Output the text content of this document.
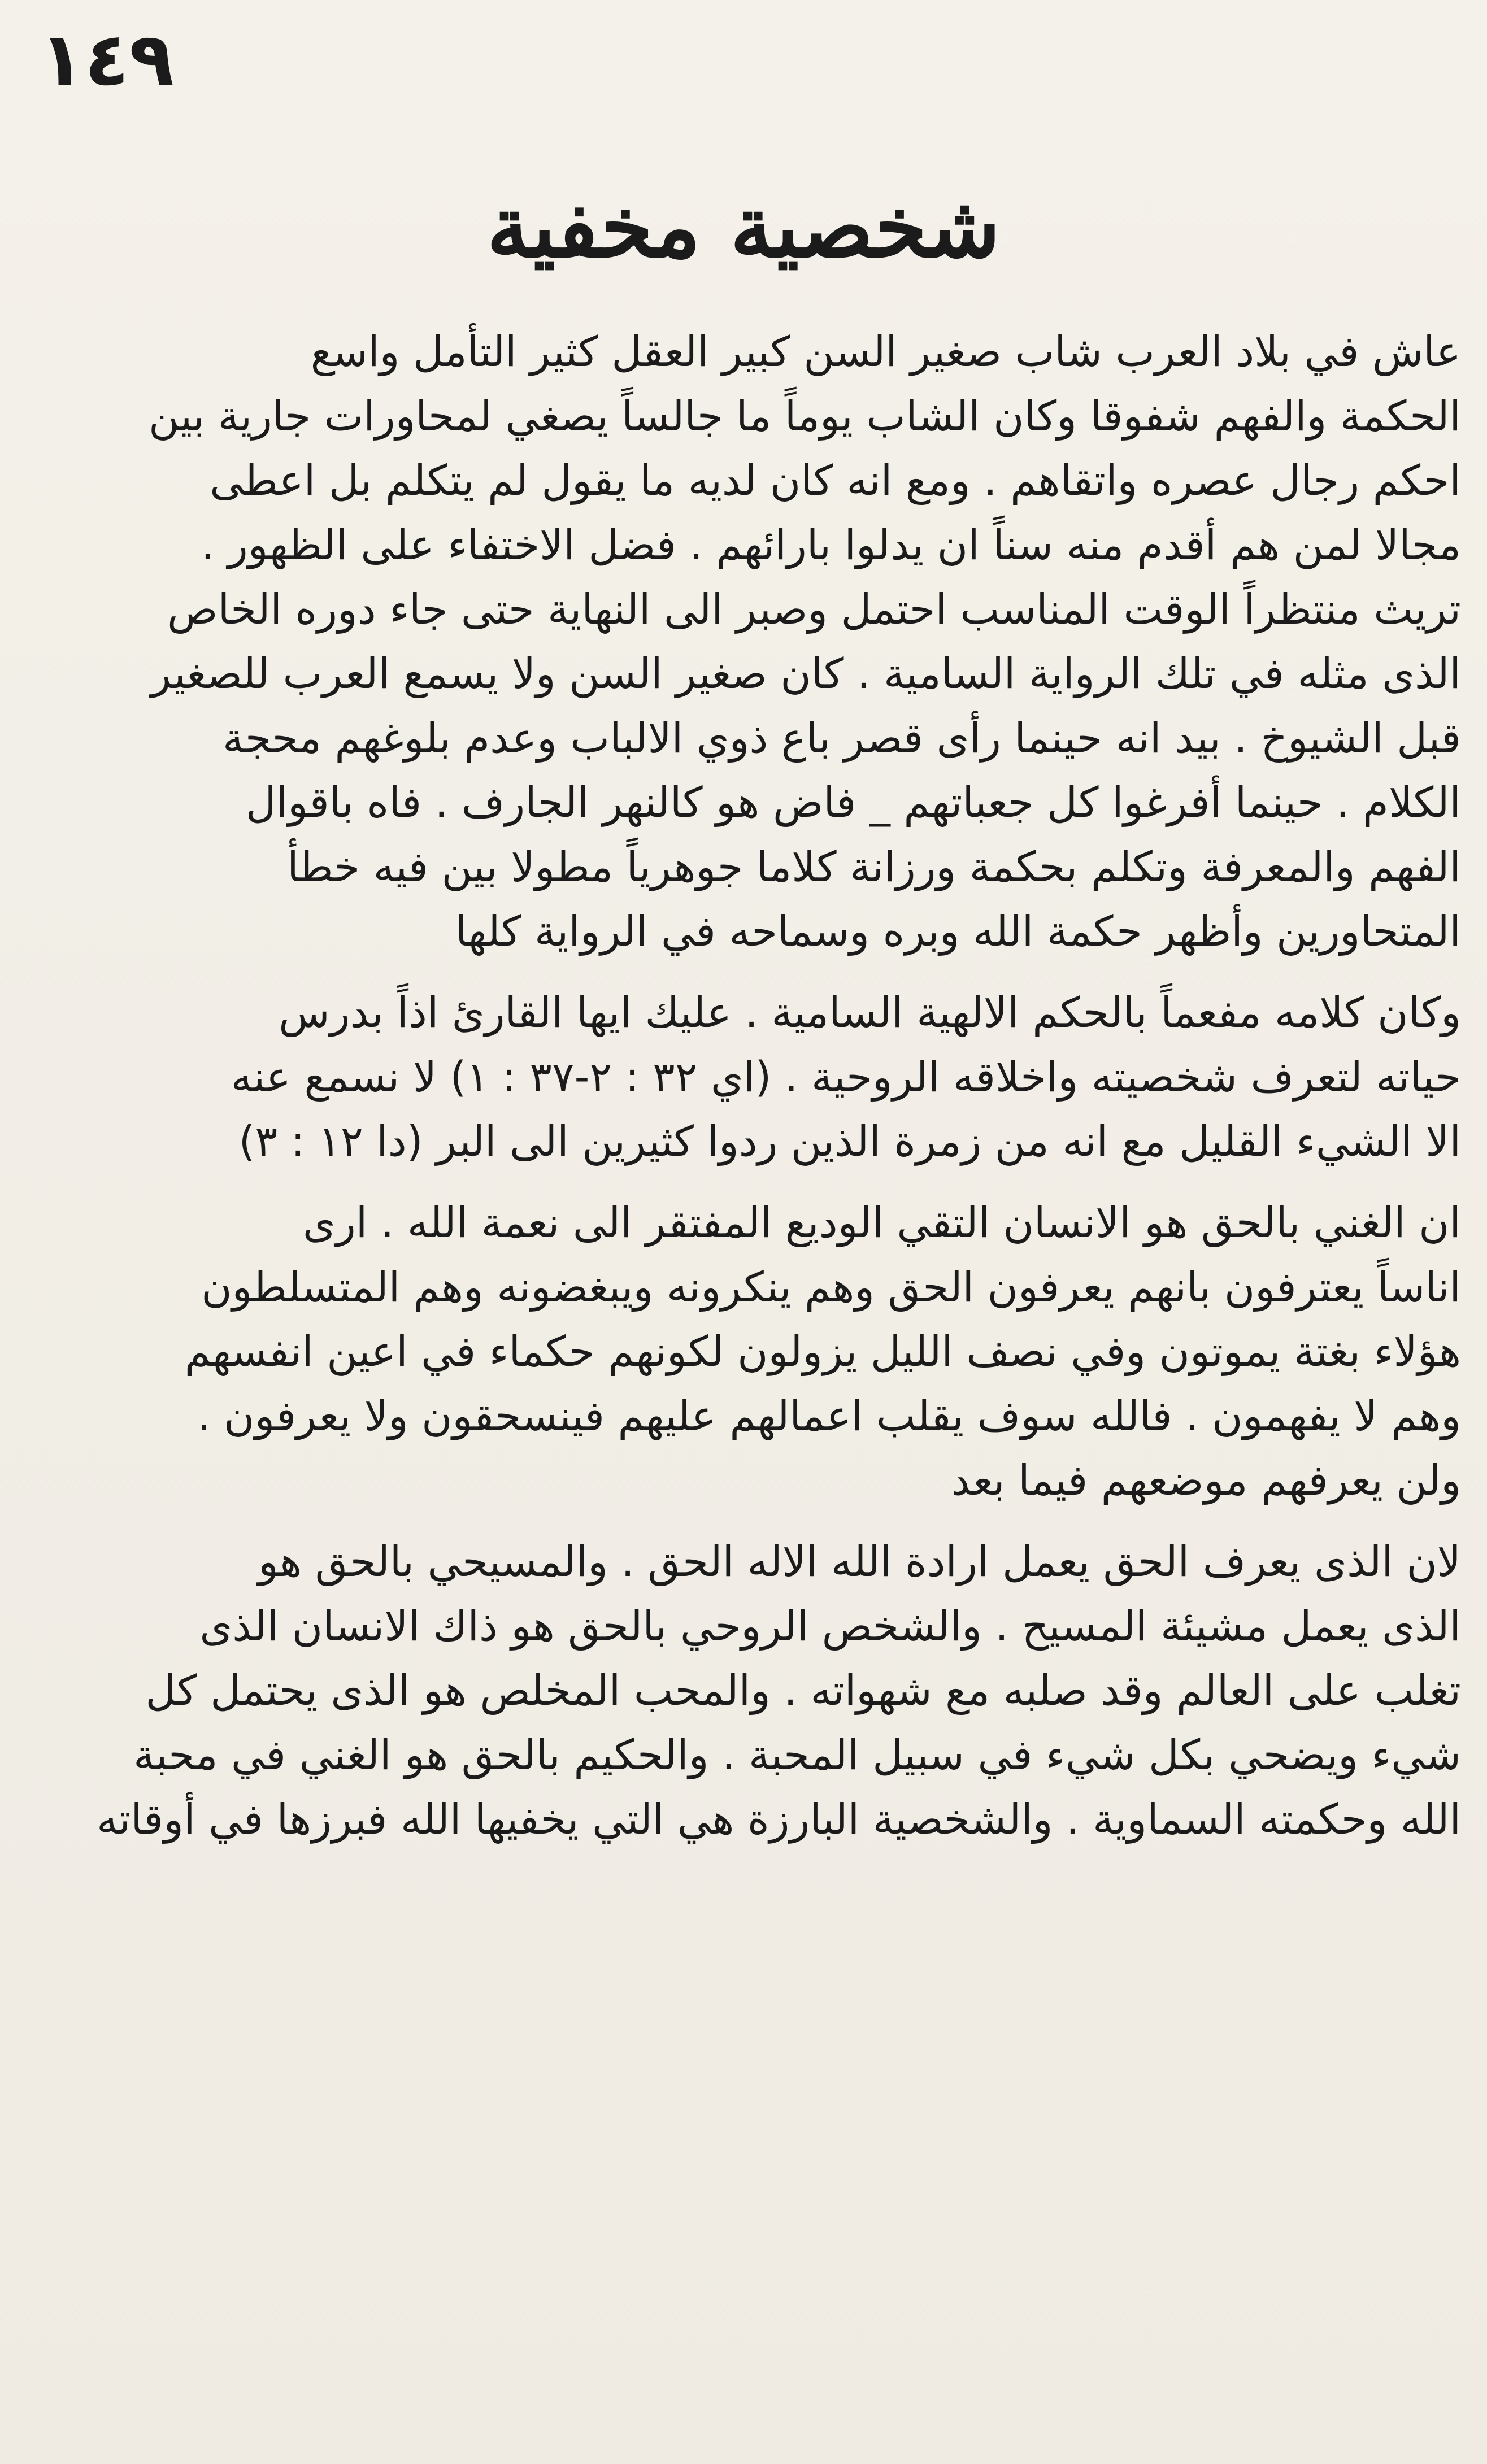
١٤٩
شخصية مخفية
عاش في بلاد العرب شاب صغير السن كبير العقل كثير التأمل واسع
الحكمة والفهم شفوقا وكان الشاب يوماً ما جالساً يصغي لمحاورات جارية بين
احكم رجال عصره واتقاهم . ومع انه كان لديه ما يقول لم يتكلم بل اعطى
مجالا لمن هم أقدم منه سناً ان يدلوا بارائهم . فضل الاختفاء على الظهور .
تريث منتظراً الوقت المناسب احتمل وصبر الى النهاية حتى جاء دوره الخاص
الذى مثله في تلك الرواية السامية . كان صغير السن ولا يسمع العرب للصغير
قبل الشيوخ . بيد انه حينما رأى قصر باع ذوي الالباب وعدم بلوغهم محجة
الكلام . حينما أفرغوا كل جعباتهم _ فاض هو كالنهر الجارف . فاه باقوال
الفهم والمعرفة وتكلم بحكمة ورزانة كلاما جوهرياً مطولا بين فيه خطأ
المتحاورين وأظهر حكمة الله وبره وسماحه في الرواية كلها
وكان كلامه مفعماً بالحكم الالهية السامية . عليك ايها القارئ اذاً بدرس
حياته لتعرف شخصيته واخلاقه الروحية . (اي ٣٢ : ٢-٣٧ : ١) لا نسمع عنه
الا الشيء القليل مع انه من زمرة الذين ردوا كثيرين الى البر (دا ١٢ : ٣)
ان الغني بالحق هو الانسان التقي الوديع المفتقر الى نعمة الله . ارى
اناساً يعترفون بانهم يعرفون الحق وهم ينكرونه ويبغضونه وهم المتسلطون
هؤلاء بغتة يموتون وفي نصف الليل يزولون لكونهم حكماء في اعين انفسهم
وهم لا يفهمون . فالله سوف يقلب اعمالهم عليهم فينسحقون ولا يعرفون .
ولن يعرفهم موضعهم فيما بعد
لان الذى يعرف الحق يعمل ارادة الله الاله الحق . والمسيحي بالحق هو
الذى يعمل مشيئة المسيح . والشخص الروحي بالحق هو ذاك الانسان الذى
تغلب على العالم وقد صلبه مع شهواته . والمحب المخلص هو الذى يحتمل كل
شيء ويضحي بكل شيء في سبيل المحبة . والحكيم بالحق هو الغني في محبة
الله وحكمته السماوية . والشخصية البارزة هي التي يخفيها الله فبرزها في أوقاته
